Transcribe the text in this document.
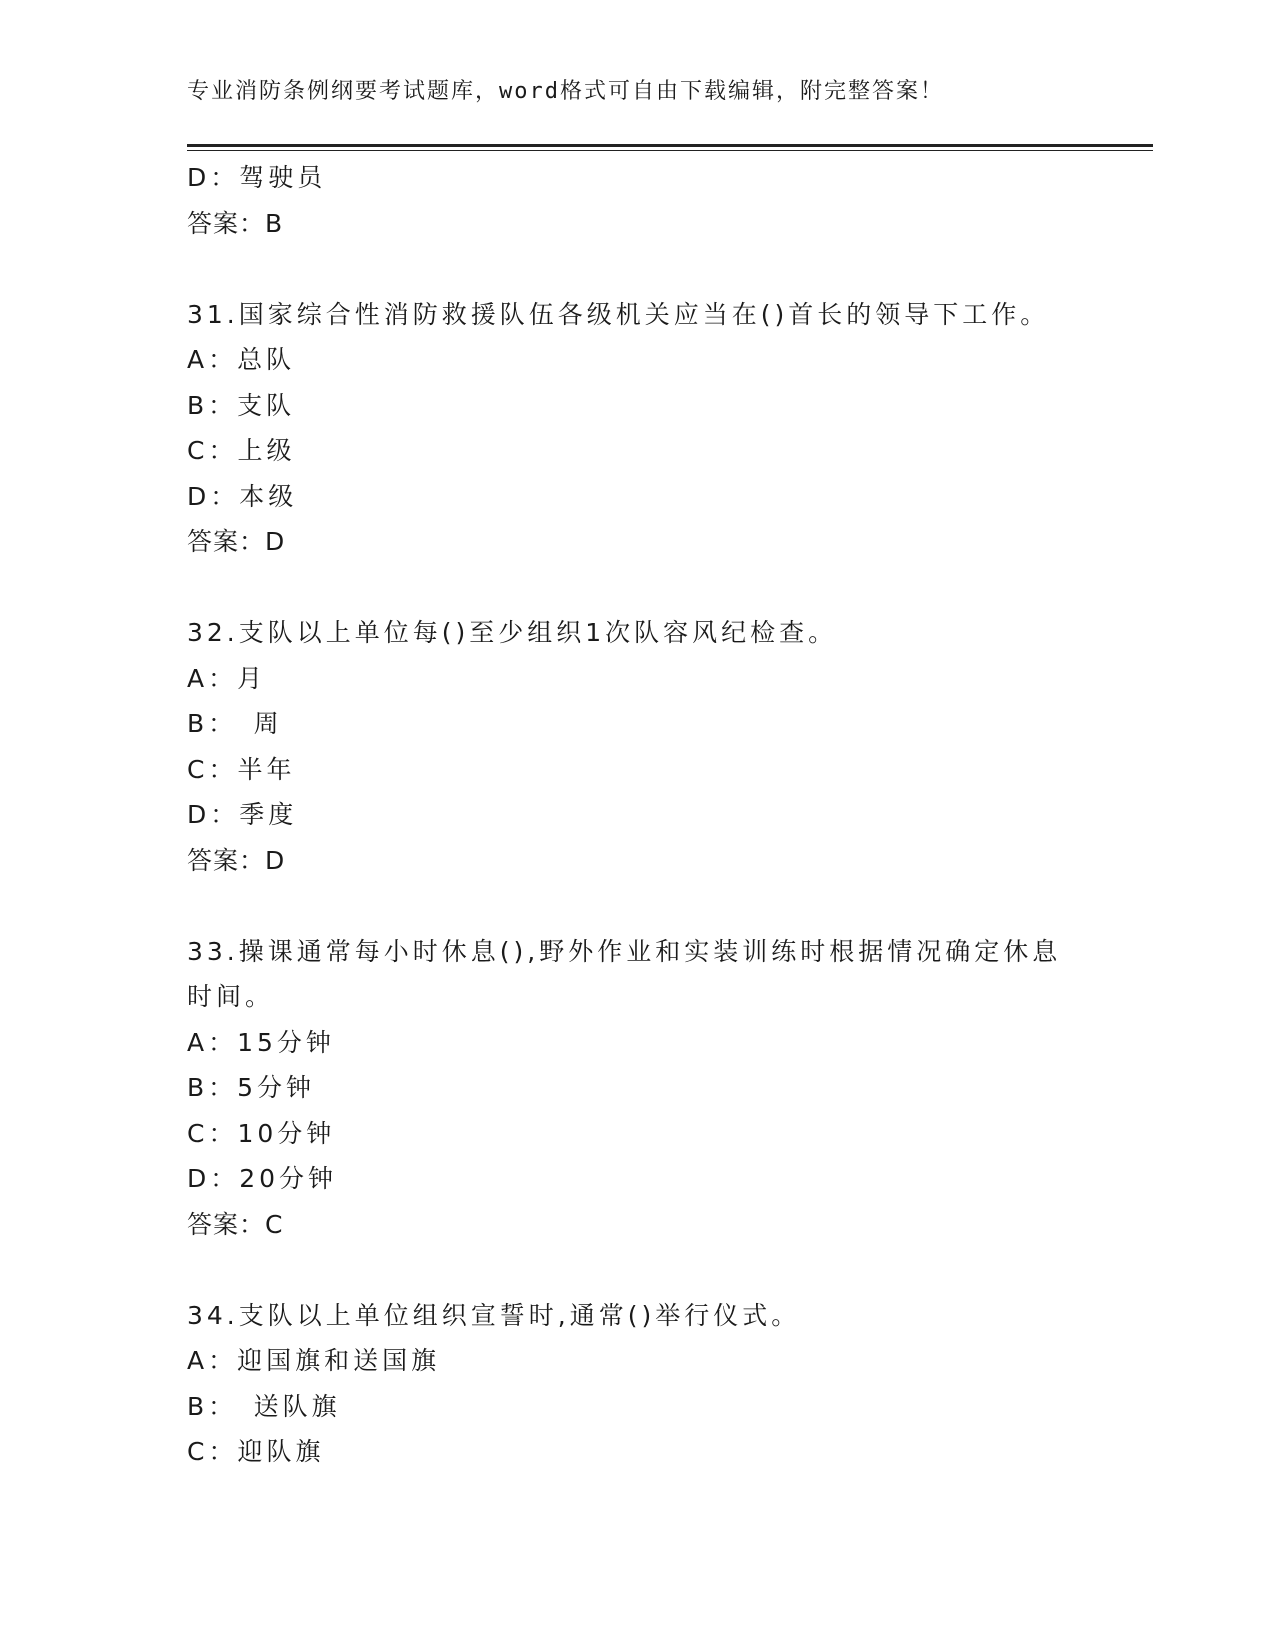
专业消防条例纲要考试题库，word格式可自由下载编辑，附完整答案！
D：驾驶员
答案：B
31.国家综合性消防救援队伍各级机关应当在()首长的领导下工作。
A：总队
B：支队
C：上级
D：本级
答案：D
32.支队以上单位每()至少组织1次队容风纪检查。
A：月
B：　周
C：半年
D：季度
答案：D
33.操课通常每小时休息(),野外作业和实装训练时根据情况确定休息时间。
A：15分钟
B：5分钟
C：10分钟
D：20分钟
答案：C
34.支队以上单位组织宣誓时,通常()举行仪式。
A：迎国旗和送国旗
B：　送队旗
C：迎队旗
